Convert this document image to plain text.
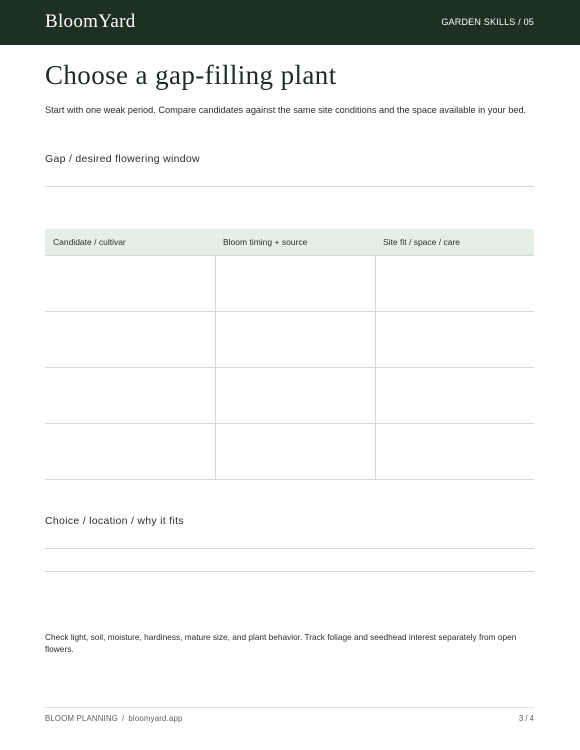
BloomYard	GARDEN SKILLS / 05
Choose a gap-filling plant

Start with one weak period. Compare candidates against the same site conditions and the space available in your bed.

Gap / desired flowering window
Candidate / cultivar	Bloom timing + source	Site fit / space / care

Choice / location / why it fits

Check light, soil, moisture, hardiness, mature size, and plant behavior. Track foliage and seedhead interest separately from open flowers.

BLOOM PLANNING / bloomyard.app	3 / 4
